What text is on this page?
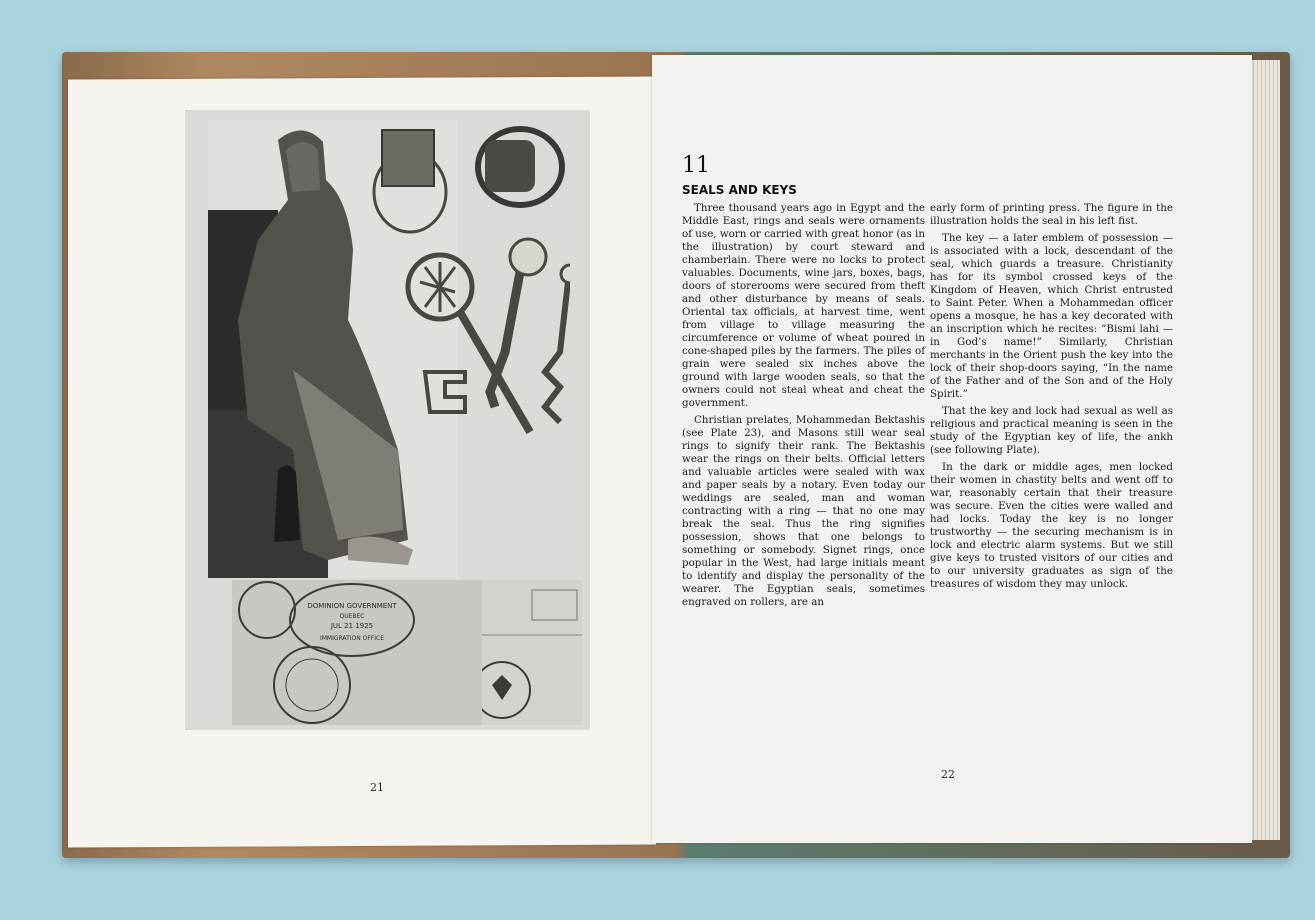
DOMINION GOVERNMENT
QUEBEC
JUL 21 1925
IMMIGRATION OFFICE
21
11
SEALS AND KEYS

Three thousand years ago in Egypt and the Middle East, rings and seals were ornaments of use, worn or carried with great honor (as in the illustration) by court steward and chamberlain. There were no locks to protect valuables. Documents, wine jars, boxes, bags, doors of storerooms were secured from theft and other disturbance by means of seals. Oriental tax officials, at harvest time, went from village to village measuring the circumference or volume of wheat poured in cone-shaped piles by the farmers. The piles of grain were sealed six inches above the ground with large wooden seals, so that the owners could not steal wheat and cheat the government.

Christian prelates, Mohammedan Bektashis (see Plate 23), and Masons still wear seal rings to signify their rank. The Bektashis wear the rings on their belts. Official letters and valuable articles were sealed with wax and paper seals by a notary. Even today our weddings are sealed, man and woman contracting with a ring — that no one may break the seal. Thus the ring signifies possession, shows that one belongs to something or somebody. Signet rings, once popular in the West, had large initials meant to identify and display the personality of the wearer. The Egyptian seals, sometimes engraved on rollers, are an

early form of printing press. The figure in the illustration holds the seal in his left fist.

The key — a later emblem of possession — is associated with a lock, descendant of the seal, which guards a treasure. Christianity has for its symbol crossed keys of the Kingdom of Heaven, which Christ entrusted to Saint Peter. When a Mohammedan officer opens a mosque, he has a key decorated with an inscription which he recites: “Bismi lahi — in God’s name!” Similarly, Christian merchants in the Orient push the key into the lock of their shop-doors saying, “In the name of the Father and of the Son and of the Holy Spirit.”

That the key and lock had sexual as well as religious and practical meaning is seen in the study of the Egyptian key of life, the ankh (see following Plate).

In the dark or middle ages, men locked their women in chastity belts and went off to war, reasonably certain that their treasure was secure. Even the cities were walled and had locks. Today the key is no longer trustworthy — the securing mechanism is in lock and electric alarm systems. But we still give keys to trusted visitors of our cities and to our university graduates as sign of the treasures of wisdom they may unlock.

22
